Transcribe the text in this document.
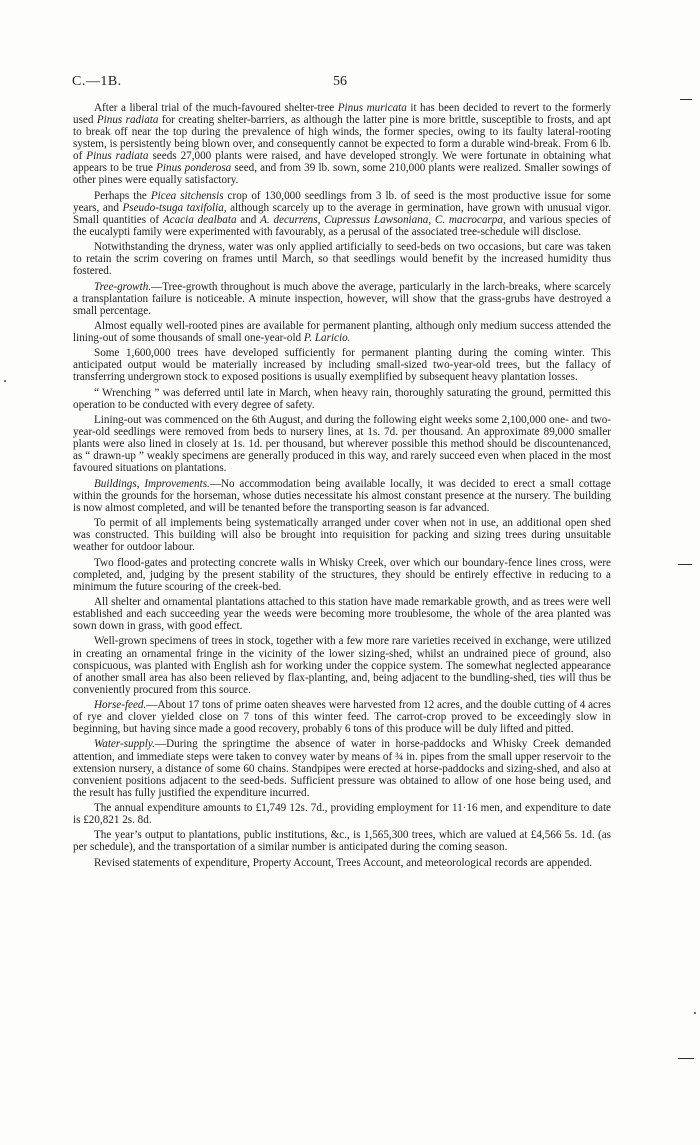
C.—1B.	56

After a liberal trial of the much-favoured shelter-tree Pinus muricata it has been decided to revert to the formerly used Pinus radiata for creating shelter-barriers, as although the latter pine is more brittle, susceptible to frosts, and apt to break off near the top during the prevalence of high winds, the former species, owing to its faulty lateral-rooting system, is persistently being blown over, and consequently cannot be expected to form a durable wind-break. From 6 lb. of Pinus radiata seeds 27,000 plants were raised, and have developed strongly. We were fortunate in obtaining what appears to be true Pinus ponderosa seed, and from 39 lb. sown, some 210,000 plants were realized. Smaller sowings of other pines were equally satisfactory.

Perhaps the Picea sitchensis crop of 130,000 seedlings from 3 lb. of seed is the most productive issue for some years, and Pseudo-tsuga taxifolia, although scarcely up to the average in germination, have grown with unusual vigor. Small quantities of Acacia dealbata and A. decurrens, Cupressus Lawsoniana, C. macrocarpa, and various species of the eucalypti family were experimented with favourably, as a perusal of the associated tree-schedule will disclose.

Notwithstanding the dryness, water was only applied artificially to seed-beds on two occasions, but care was taken to retain the scrim covering on frames until March, so that seedlings would benefit by the increased humidity thus fostered.

Tree-growth.—Tree-growth throughout is much above the average, particularly in the larch-breaks, where scarcely a transplantation failure is noticeable. A minute inspection, however, will show that the grass-grubs have destroyed a small percentage.

Almost equally well-rooted pines are available for permanent planting, although only medium success attended the lining-out of some thousands of small one-year-old P. Laricio.

Some 1,600,000 trees have developed sufficiently for permanent planting during the coming winter. This anticipated output would be materially increased by including small-sized two-year-old trees, but the fallacy of transferring undergrown stock to exposed positions is usually exemplified by subsequent heavy plantation losses.

“ Wrenching ” was deferred until late in March, when heavy rain, thoroughly saturating the ground, permitted this operation to be conducted with every degree of safety.

Lining-out was commenced on the 6th August, and during the following eight weeks some 2,100,000 one- and two-year-old seedlings were removed from beds to nursery lines, at 1s. 7d. per thousand. An approximate 89,000 smaller plants were also lined in closely at 1s. 1d. per thousand, but wherever possible this method should be discountenanced, as “ drawn-up ” weakly specimens are generally produced in this way, and rarely succeed even when placed in the most favoured situations on plantations.

Buildings, Improvements.—No accommodation being available locally, it was decided to erect a small cottage within the grounds for the horseman, whose duties necessitate his almost constant presence at the nursery. The building is now almost completed, and will be tenanted before the transporting season is far advanced.

To permit of all implements being systematically arranged under cover when not in use, an additional open shed was constructed. This building will also be brought into requisition for packing and sizing trees during unsuitable weather for outdoor labour.

Two flood-gates and protecting concrete walls in Whisky Creek, over which our boundary-fence lines cross, were completed, and, judging by the present stability of the structures, they should be entirely effective in reducing to a minimum the future scouring of the creek-bed.

All shelter and ornamental plantations attached to this station have made remarkable growth, and as trees were well established and each succeeding year the weeds were becoming more troublesome, the whole of the area planted was sown down in grass, with good effect.

Well-grown specimens of trees in stock, together with a few more rare varieties received in exchange, were utilized in creating an ornamental fringe in the vicinity of the lower sizing-shed, whilst an undrained piece of ground, also conspicuous, was planted with English ash for working under the coppice system. The somewhat neglected appearance of another small area has also been relieved by flax-planting, and, being adjacent to the bundling-shed, ties will thus be conveniently procured from this source.

Horse-feed.—About 17 tons of prime oaten sheaves were harvested from 12 acres, and the double cutting of 4 acres of rye and clover yielded close on 7 tons of this winter feed. The carrot-crop proved to be exceedingly slow in beginning, but having since made a good recovery, probably 6 tons of this produce will be duly lifted and pitted.

Water-supply.—During the springtime the absence of water in horse-paddocks and Whisky Creek demanded attention, and immediate steps were taken to convey water by means of ¾ in. pipes from the small upper reservoir to the extension nursery, a distance of some 60 chains. Standpipes were erected at horse-paddocks and sizing-shed, and also at convenient positions adjacent to the seed-beds. Sufficient pressure was obtained to allow of one hose being used, and the result has fully justified the expenditure incurred.

The annual expenditure amounts to £1,749 12s. 7d., providing employment for 11·16 men, and expenditure to date is £20,821 2s. 8d.

The year’s output to plantations, public institutions, &c., is 1,565,300 trees, which are valued at £4,566 5s. 1d. (as per schedule), and the transportation of a similar number is anticipated during the coming season.

Revised statements of expenditure, Property Account, Trees Account, and meteorological records are appended.
